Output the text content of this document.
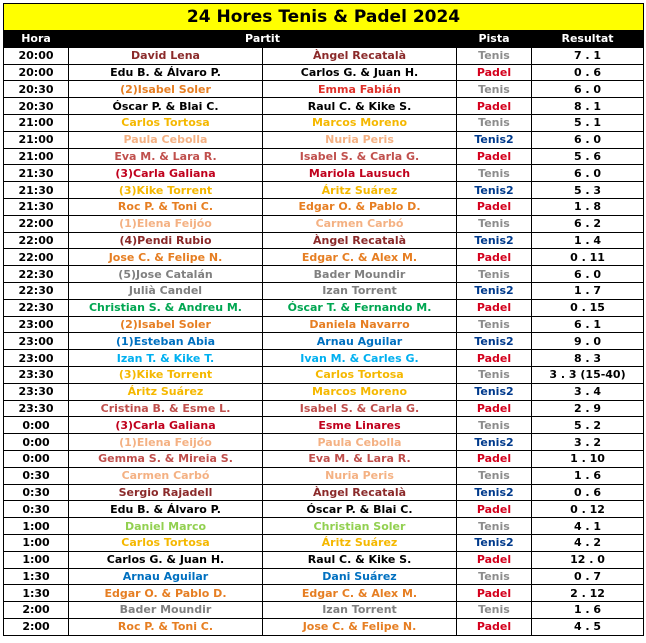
24 Hores Tenis & Padel 2024				
Hora	Partit		Pista	Resultat
20:00	David Lena	Àngel Recatalà	Tenis	7 . 1
20:00	Edu B. & Álvaro P.	Carlos G. & Juan H.	Padel	0 . 6
20:30	(2)Isabel Soler	Emma Fabián	Tenis	6 . 0
20:30	Óscar P. & Blai C.	Raul C. & Kike S.	Padel	8 . 1
21:00	Carlos Tortosa	Marcos Moreno	Tenis	5 . 1
21:00	Paula Cebolla	Nuria Peris	Tenis2	6 . 0
21:00	Eva M. & Lara R.	Isabel S. & Carla G.	Padel	5 . 6
21:30	(3)Carla Galiana	Mariola Lausuch	Tenis	6 . 0
21:30	(3)Kike Torrent	Áritz Suárez	Tenis2	5 . 3
21:30	Roc P. & Toni C.	Edgar O. & Pablo D.	Padel	1 . 8
22:00	(1)Elena Feijóo	Carmen Carbó	Tenis	6 . 2
22:00	(4)Pendi Rubio	Àngel Recatalà	Tenis2	1 . 4
22:00	Jose C. & Felipe N.	Edgar C. & Alex M.	Padel	0 . 11
22:30	(5)Jose Catalán	Bader Moundir	Tenis	6 . 0
22:30	Julià Candel	Izan Torrent	Tenis2	1 . 7
22:30	Christian S. & Andreu M.	Óscar T. & Fernando M.	Padel	0 . 15
23:00	(2)Isabel Soler	Daniela Navarro	Tenis	6 . 1
23:00	(1)Esteban Abia	Arnau Aguilar	Tenis2	9 . 0
23:00	Izan T. & Kike T.	Ivan M. & Carles G.	Padel	8 . 3
23:30	(3)Kike Torrent	Carlos Tortosa	Tenis	3 . 3 (15-40)
23:30	Áritz Suárez	Marcos Moreno	Tenis2	3 . 4
23:30	Cristina B. & Esme L.	Isabel S. & Carla G.	Padel	2 . 9
0:00	(3)Carla Galiana	Esme Linares	Tenis	5 . 2
0:00	(1)Elena Feijóo	Paula Cebolla	Tenis2	3 . 2
0:00	Gemma S. & Mireia S.	Eva M. & Lara R.	Padel	1 . 10
0:30	Carmen Carbó	Nuria Peris	Tenis	1 . 6
0:30	Sergio Rajadell	Àngel Recatalà	Tenis2	0 . 6
0:30	Edu B. & Álvaro P.	Óscar P. & Blai C.	Padel	0 . 12
1:00	Daniel Marco	Christian Soler	Tenis	4 . 1
1:00	Carlos Tortosa	Áritz Suárez	Tenis2	4 . 2
1:00	Carlos G. & Juan H.	Raul C. & Kike S.	Padel	12 . 0
1:30	Arnau Aguilar	Dani Suárez	Tenis	0 . 7
1:30	Edgar O. & Pablo D.	Edgar C. & Alex M.	Padel	2 . 12
2:00	Bader Moundir	Izan Torrent	Tenis	1 . 6
2:00	Roc P. & Toni C.	Jose C. & Felipe N.	Padel	4 . 5
